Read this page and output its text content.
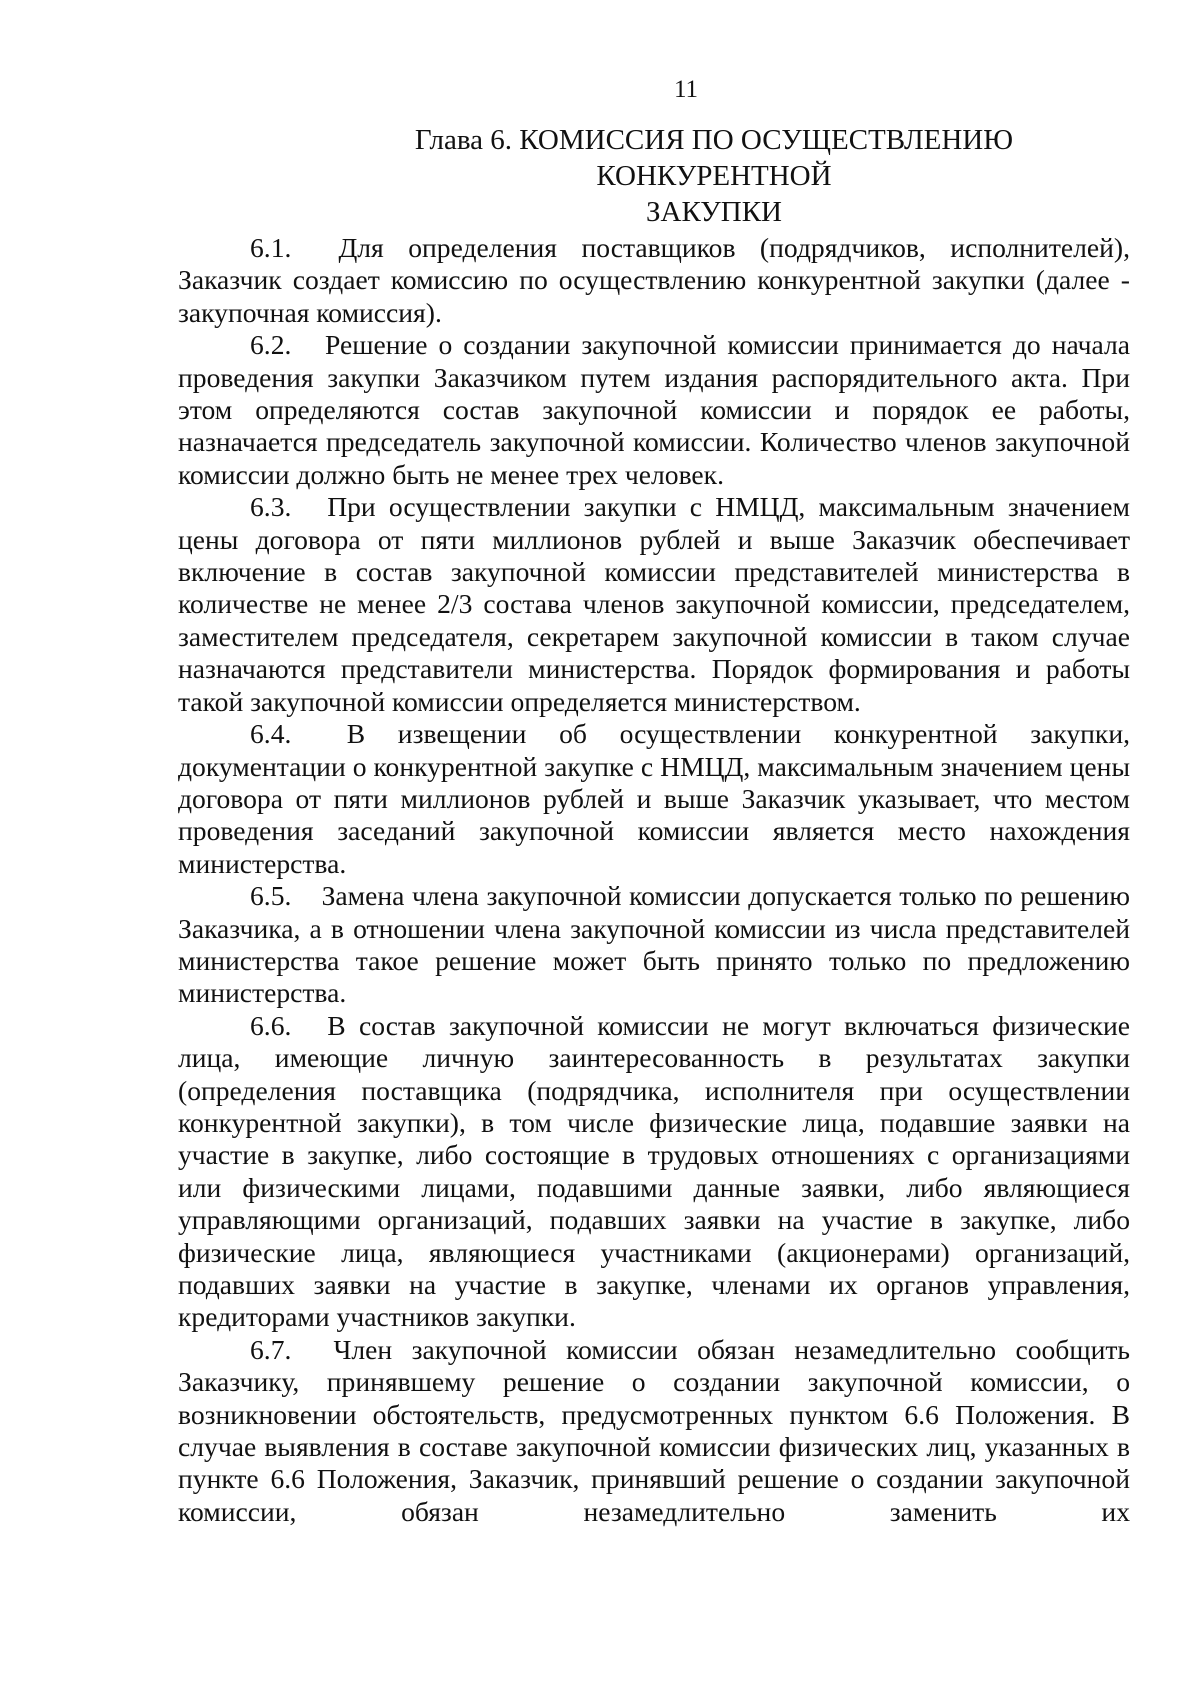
11
Глава 6. КОМИССИЯ ПО ОСУЩЕСТВЛЕНИЮ КОНКУРЕНТНОЙ
ЗАКУПКИ

6.1. Для определения поставщиков (подрядчиков, исполнителей), Заказчик создает комиссию по осуществлению конкурентной закупки (далее - закупочная комиссия).

6.2. Решение о создании закупочной комиссии принимается до начала проведения закупки Заказчиком путем издания распорядительного акта. При этом определяются состав закупочной комиссии и порядок ее работы, назначается председатель закупочной комиссии. Количество членов закупочной комиссии должно быть не менее трех человек.

6.3. При осуществлении закупки с НМЦД, максимальным значением цены договора от пяти миллионов рублей и выше Заказчик обеспечивает включение в состав закупочной комиссии представителей министерства в количестве не менее 2/3 состава членов закупочной комиссии, председателем, заместителем председателя, секретарем закупочной комиссии в таком случае назначаются представители министерства. Порядок формирования и работы такой закупочной комиссии определяется министерством.

6.4. В извещении об осуществлении конкурентной закупки, документации о конкурентной закупке с НМЦД, максимальным значением цены договора от пяти миллионов рублей и выше Заказчик указывает, что местом проведения заседаний закупочной комиссии является место нахождения министерства.

6.5. Замена члена закупочной комиссии допускается только по решению Заказчика, а в отношении члена закупочной комиссии из числа представителей министерства такое решение может быть принято только по предложению министерства.

6.6. В состав закупочной комиссии не могут включаться физические лица, имеющие личную заинтересованность в результатах закупки (определения поставщика (подрядчика, исполнителя при осуществлении конкурентной закупки), в том числе физические лица, подавшие заявки на участие в закупке, либо состоящие в трудовых отношениях с организациями или физическими лицами, подавшими данные заявки, либо являющиеся управляющими организаций, подавших заявки на участие в закупке, либо физические лица, являющиеся участниками (акционерами) организаций, подавших заявки на участие в закупке, членами их органов управления, кредиторами участников закупки.

6.7. Член закупочной комиссии обязан незамедлительно сообщить Заказчику, принявшему решение о создании закупочной комиссии, о возникновении обстоятельств, предусмотренных пунктом 6.6 Положения. В случае выявления в составе закупочной комиссии физических лиц, указанных в пункте 6.6 Положения, Заказчик, принявший решение о создании закупочной комиссии, обязан незамедлительно заменить их
